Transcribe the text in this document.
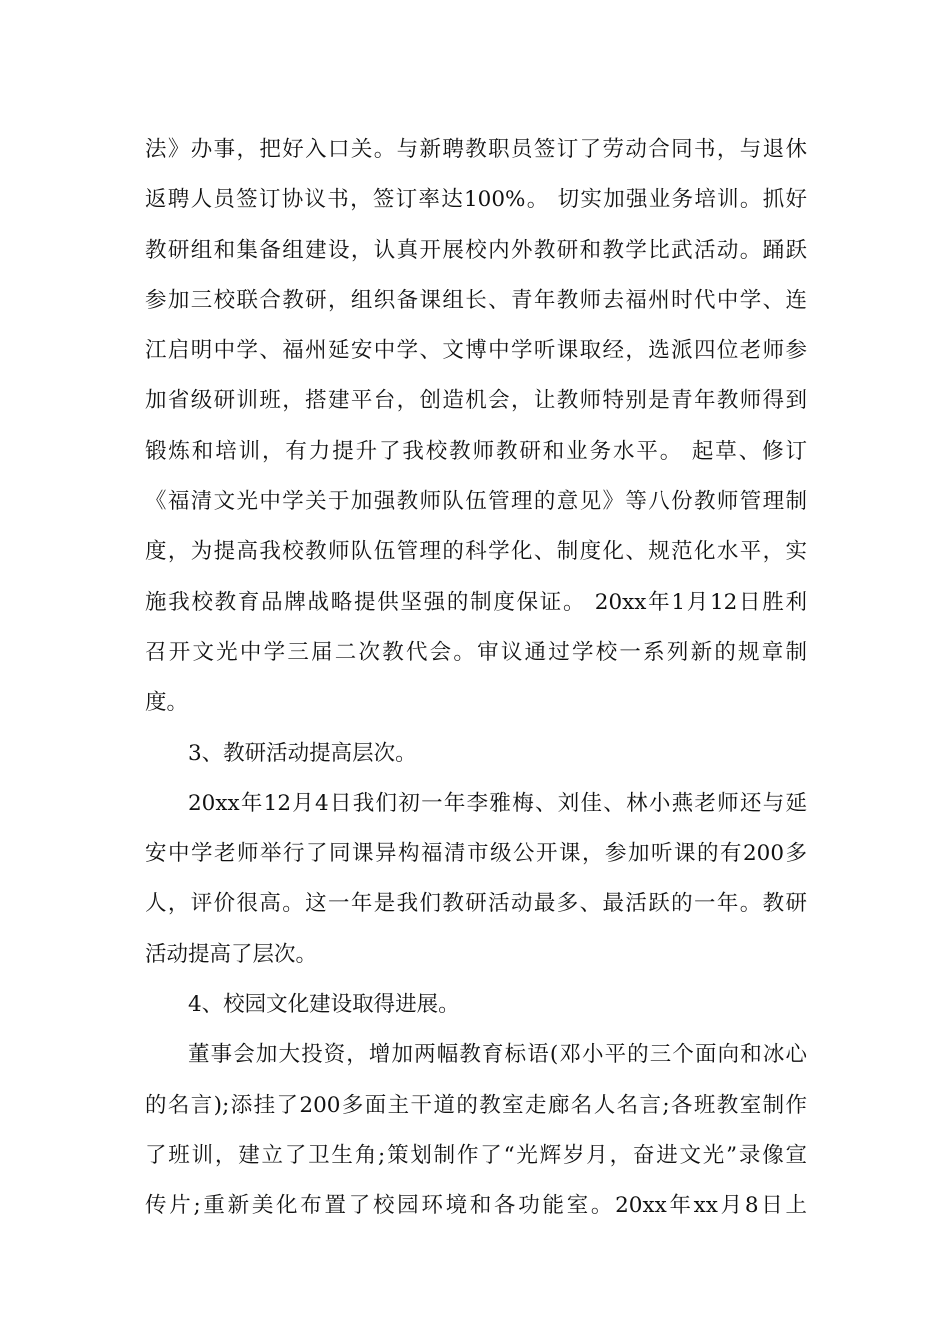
法》办事，把好入口关。与新聘教职员签订了劳动合同书，与退休
返聘人员签订协议书，签订率达100%。 切实加强业务培训。抓好
教研组和集备组建设，认真开展校内外教研和教学比武活动。踊跃
参加三校联合教研，组织备课组长、青年教师去福州时代中学、连
江启明中学、福州延安中学、文博中学听课取经，选派四位老师参
加省级研训班，搭建平台，创造机会，让教师特别是青年教师得到
锻炼和培训，有力提升了我校教师教研和业务水平。 起草、修订
《福清文光中学关于加强教师队伍管理的意见》等八份教师管理制
度，为提高我校教师队伍管理的科学化、制度化、规范化水平，实
施我校教育品牌战略提供坚强的制度保证。 20xx年1月12日胜利
召开文光中学三届二次教代会。审议通过学校一系列新的规章制
度。
3、教研活动提高层次。
20xx年12月4日我们初一年李雅梅、刘佳、林小燕老师还与延
安中学老师举行了同课异构福清市级公开课，参加听课的有200多
人，评价很高。这一年是我们教研活动最多、最活跃的一年。教研
活动提高了层次。
4、校园文化建设取得进展。
董事会加大投资，增加两幅教育标语(邓小平的三个面向和冰心
的名言);添挂了200多面主干道的教室走廊名人名言;各班教室制作
了班训，建立了卫生角;策划制作了“光辉岁月，奋进文光”录像宣
传片;重新美化布置了校园环境和各功能室。20xx年xx月8日上
